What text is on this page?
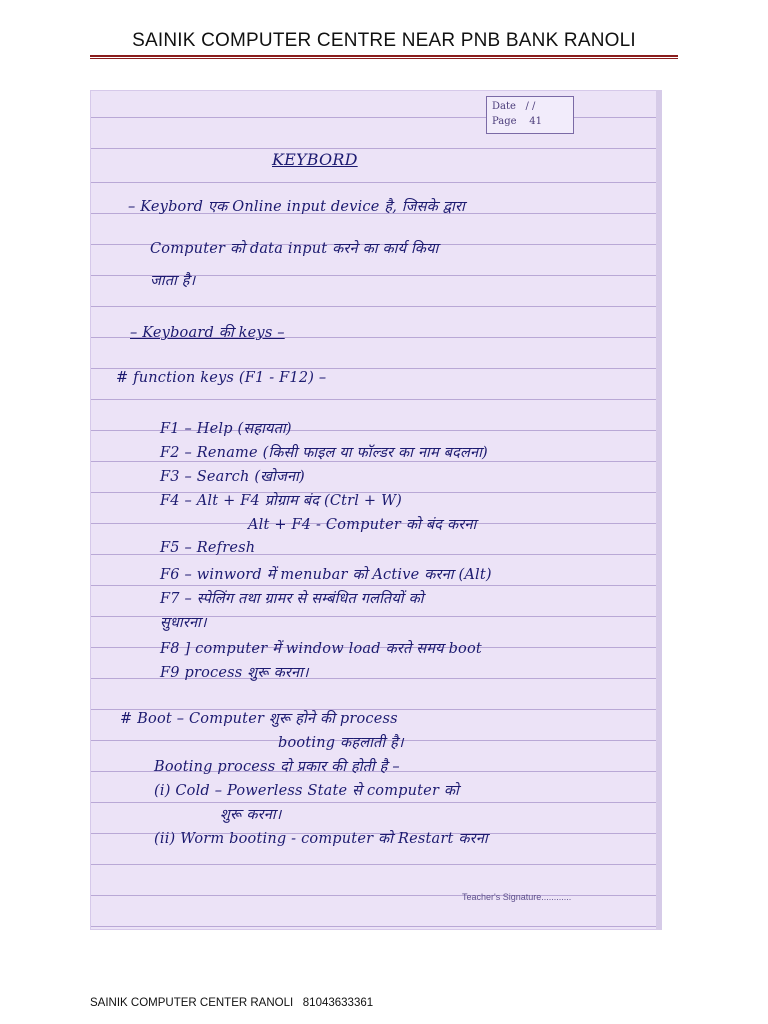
SAINIK COMPUTER CENTRE NEAR PNB BANK RANOLI
Date / /
Page 41
KEYBORD
– Keybord एक Online input device है, जिसके द्वारा
Computer को data input करने का कार्य किया
जाता है।
– Keyboard की keys –
# function keys (F1 - F12) –
F1 – Help (सहायता)
F2 – Rename (किसी फाइल या फॉल्डर का नाम बदलना)
F3 – Search (खोजना)
F4 – Alt + F4 प्रोग्राम बंद (Ctrl + W)
Alt + F4 - Computer को बंद करना
F5 – Refresh
F6 – winword में menubar को Active करना (Alt)
F7 – स्पेलिंग तथा ग्रामर से सम्बंधित गलतियों को
सुधारना।
F8 ] computer में window load करते समय boot
F9 process शुरू करना।
# Boot – Computer शुरू होने की process
booting कहलाती है।
Booting process दो प्रकार की होती है –
(i) Cold – Powerless State से computer को
शुरू करना।
(ii) Worm booting - computer को Restart करना
Teacher's Signature............
SAINIK COMPUTER CENTER RANOLI   81043633361
